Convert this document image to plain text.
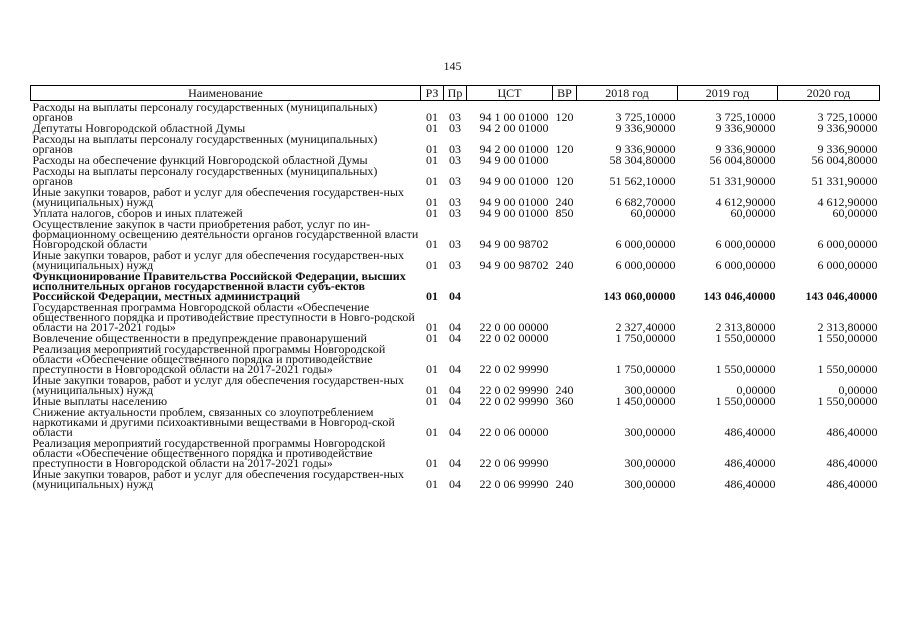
145
Наименование	РЗ	Пр	ЦСТ	ВР	2018 год	2019 год	2020 год
Расходы на выплаты персоналу государственных (муниципальных) органов	01	03	94 1 00 01000	120	3 725,10000	3 725,10000	3 725,10000
Депутаты Новгородской областной Думы	01	03	94 2 00 01000		9 336,90000	9 336,90000	9 336,90000
Расходы на выплаты персоналу государственных (муниципальных) органов	01	03	94 2 00 01000	120	9 336,90000	9 336,90000	9 336,90000
Расходы на обеспечение функций Новгородской областной Думы	01	03	94 9 00 01000		58 304,80000	56 004,80000	56 004,80000
Расходы на выплаты персоналу государственных (муниципальных) органов	01	03	94 9 00 01000	120	51 562,10000	51 331,90000	51 331,90000
Иные закупки товаров, работ и услуг для обеспечения государствен-ных (муниципальных) нужд	01	03	94 9 00 01000	240	6 682,70000	4 612,90000	4 612,90000
Уплата налогов, сборов и иных платежей	01	03	94 9 00 01000	850	60,00000	60,00000	60,00000
Осуществление закупок в части приобретения работ, услуг по ин-формационному освещению деятельности органов государственной власти Новгородской области	01	03	94 9 00 98702		6 000,00000	6 000,00000	6 000,00000
Иные закупки товаров, работ и услуг для обеспечения государствен-ных (муниципальных) нужд	01	03	94 9 00 98702	240	6 000,00000	6 000,00000	6 000,00000
Функционирование Правительства Российской Федерации, высших исполнительных органов государственной власти субъ-ектов Российской Федерации, местных администраций	01	04			143 060,00000	143 046,40000	143 046,40000
Государственная программа Новгородской области «Обеспечение общественного порядка и противодействие преступности в Новго-родской области на 2017-2021 годы»	01	04	22 0 00 00000		2 327,40000	2 313,80000	2 313,80000
Вовлечение общественности в предупреждение правонарушений	01	04	22 0 02 00000		1 750,00000	1 550,00000	1 550,00000
Реализация мероприятий государственной программы Новгородской области «Обеспечение общественного порядка и противодействие преступности в Новгородской области на 2017-2021 годы»	01	04	22 0 02 99990		1 750,00000	1 550,00000	1 550,00000
Иные закупки товаров, работ и услуг для обеспечения государствен-ных (муниципальных) нужд	01	04	22 0 02 99990	240	300,00000	0,00000	0,00000
Иные выплаты населению	01	04	22 0 02 99990	360	1 450,00000	1 550,00000	1 550,00000
Снижение актуальности проблем, связанных со злоупотреблением наркотиками и другими психоактивными веществами в Новгород-ской области	01	04	22 0 06 00000		300,00000	486,40000	486,40000
Реализация мероприятий государственной программы Новгородской области «Обеспечение общественного порядка и противодействие преступности в Новгородской области на 2017-2021 годы»	01	04	22 0 06 99990		300,00000	486,40000	486,40000
Иные закупки товаров, работ и услуг для обеспечения государствен-ных (муниципальных) нужд	01	04	22 0 06 99990	240	300,00000	486,40000	486,40000
